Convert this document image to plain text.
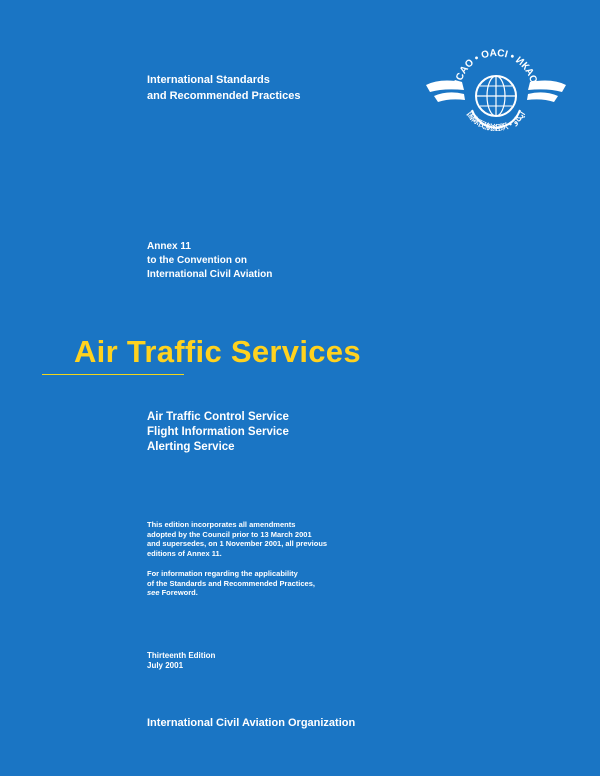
International Standards
and Recommended Practices
ICAO • OACI • ИКАО
国际民航组织 • ايكاو
Annex 11
to the Convention on
International Civil Aviation
Air Traffic Services
Air Traffic Control Service
Flight Information Service
Alerting Service
This edition incorporates all amendments
adopted by the Council prior to 13 March 2001
and supersedes, on 1 November 2001, all previous
editions of Annex 11.
For information regarding the applicability
of the Standards and Recommended Practices,
see Foreword.
Thirteenth Edition
July 2001
International Civil Aviation Organization
